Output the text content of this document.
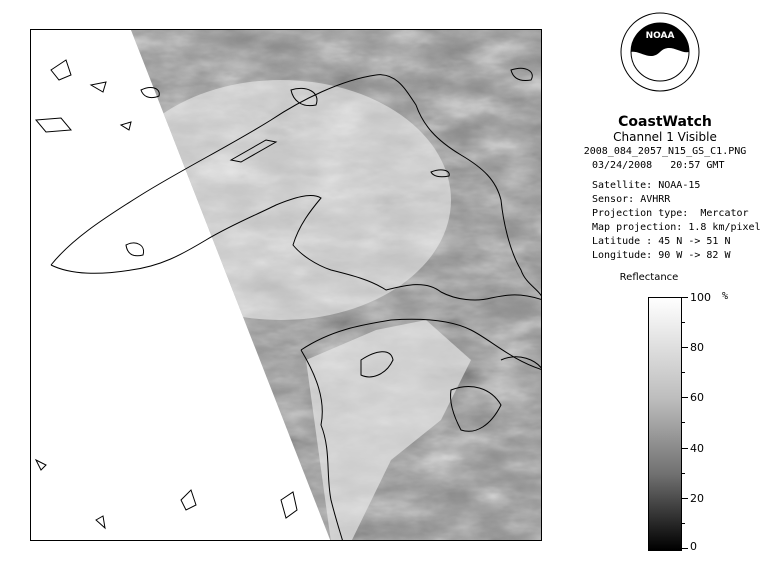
NOAA
CoastWatch
Channel 1 Visible
2008_084_2057_N15_GS_C1.PNG
03/24/2008 20:57 GMT
Satellite: NOAA-15
Sensor: AVHRR
Projection type: Mercator
Map projection: 1.8 km/pixel
Latitude : 45 N -> 51 N
Longitude: 90 W -> 82 W
Reflectance
%
100
80
60
40
20
0
